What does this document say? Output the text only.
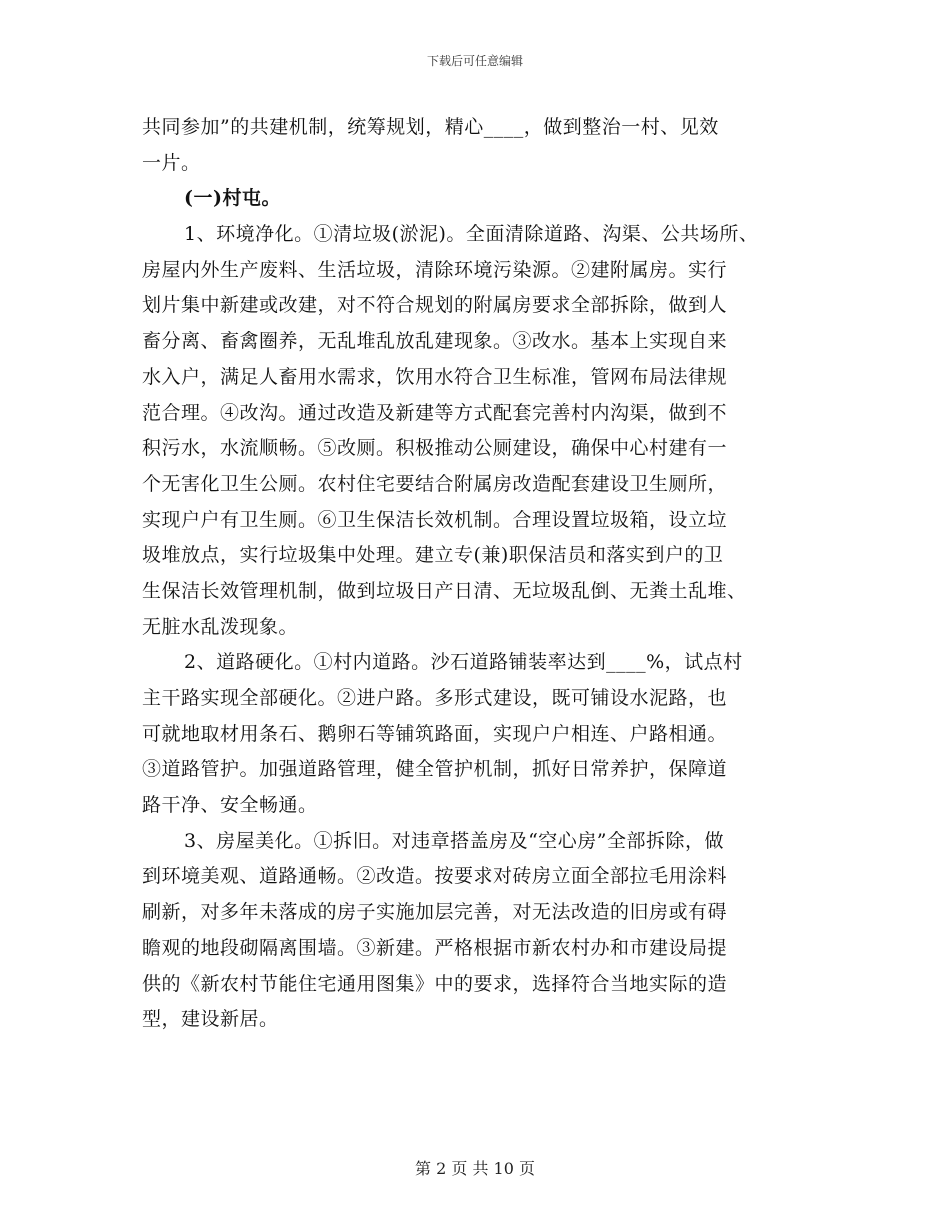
下载后可任意编辑
共同参加”的共建机制，统筹规划，精心____，做到整治一村、见效
一片。
(一)村屯。
1、环境净化。①清垃圾(淤泥)。全面清除道路、沟渠、公共场所、
房屋内外生产废料、生活垃圾，清除环境污染源。②建附属房。实行
划片集中新建或改建，对不符合规划的附属房要求全部拆除，做到人
畜分离、畜禽圈养，无乱堆乱放乱建现象。③改水。基本上实现自来
水入户，满足人畜用水需求，饮用水符合卫生标准，管网布局法律规
范合理。④改沟。通过改造及新建等方式配套完善村内沟渠，做到不
积污水，水流顺畅。⑤改厕。积极推动公厕建设，确保中心村建有一
个无害化卫生公厕。农村住宅要结合附属房改造配套建设卫生厕所，
实现户户有卫生厕。⑥卫生保洁长效机制。合理设置垃圾箱，设立垃
圾堆放点，实行垃圾集中处理。建立专(兼)职保洁员和落实到户的卫
生保洁长效管理机制，做到垃圾日产日清、无垃圾乱倒、无粪土乱堆、
无脏水乱泼现象。
2、道路硬化。①村内道路。沙石道路铺装率达到____%，试点村
主干路实现全部硬化。②进户路。多形式建设，既可铺设水泥路，也
可就地取材用条石、鹅卵石等铺筑路面，实现户户相连、户路相通。
③道路管护。加强道路管理，健全管护机制，抓好日常养护，保障道
路干净、安全畅通。
3、房屋美化。①拆旧。对违章搭盖房及“空心房”全部拆除，做
到环境美观、道路通畅。②改造。按要求对砖房立面全部拉毛用涂料
刷新，对多年未落成的房子实施加层完善，对无法改造的旧房或有碍
瞻观的地段砌隔离围墙。③新建。严格根据市新农村办和市建设局提
供的《新农村节能住宅通用图集》中的要求，选择符合当地实际的造
型，建设新居。
第 2 页 共 10 页
